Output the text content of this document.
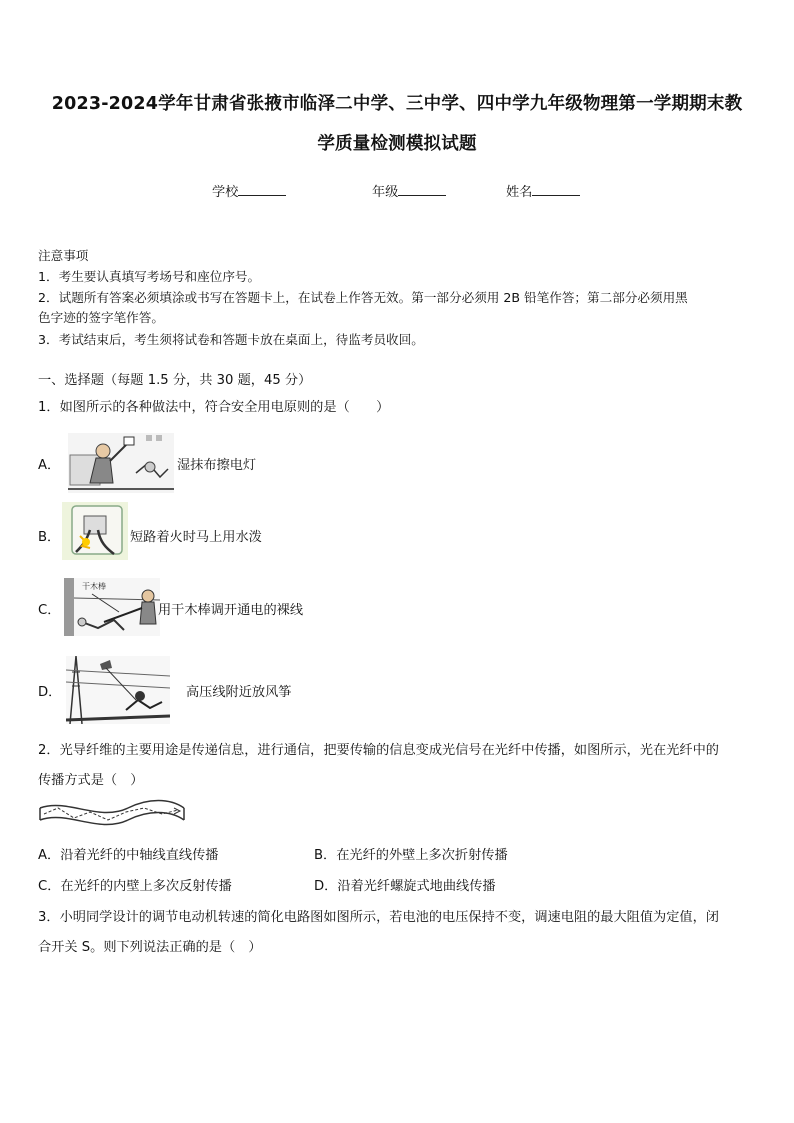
2023-2024学年甘肃省张掖市临泽二中学、三中学、四中学九年级物理第一学期期末教
学质量检测模拟试题
学校	年级	姓名
注意事项
1．考生要认真填写考场号和座位序号。
2．试题所有答案必须填涂或书写在答题卡上，在试卷上作答无效。第一部分必须用 2B 铅笔作答；第二部分必须用黑
色字迹的签字笔作答。
3．考试结束后，考生须将试卷和答题卡放在桌面上，待监考员收回。
一、选择题（每题 1.5 分，共 30 题，45 分）
1．如图所示的各种做法中，符合安全用电原则的是（　　）
A．	湿抹布擦电灯
B．	短路着火时马上用水泼
C．
干木棒
用干木棒调开通电的裸线
D．	高压线附近放风筝
2．光导纤维的主要用途是传递信息，进行通信，把要传输的信息变成光信号在光纤中传播，如图所示，光在光纤中的
传播方式是（　）
A．沿着光纤的中轴线直线传播	B．在光纤的外壁上多次折射传播
C．在光纤的内壁上多次反射传播	D．沿着光纤螺旋式地曲线传播
3．小明同学设计的调节电动机转速的简化电路图如图所示，若电池的电压保持不变，调速电阻的最大阻值为定值，闭
合开关 S。则下列说法正确的是（　）
